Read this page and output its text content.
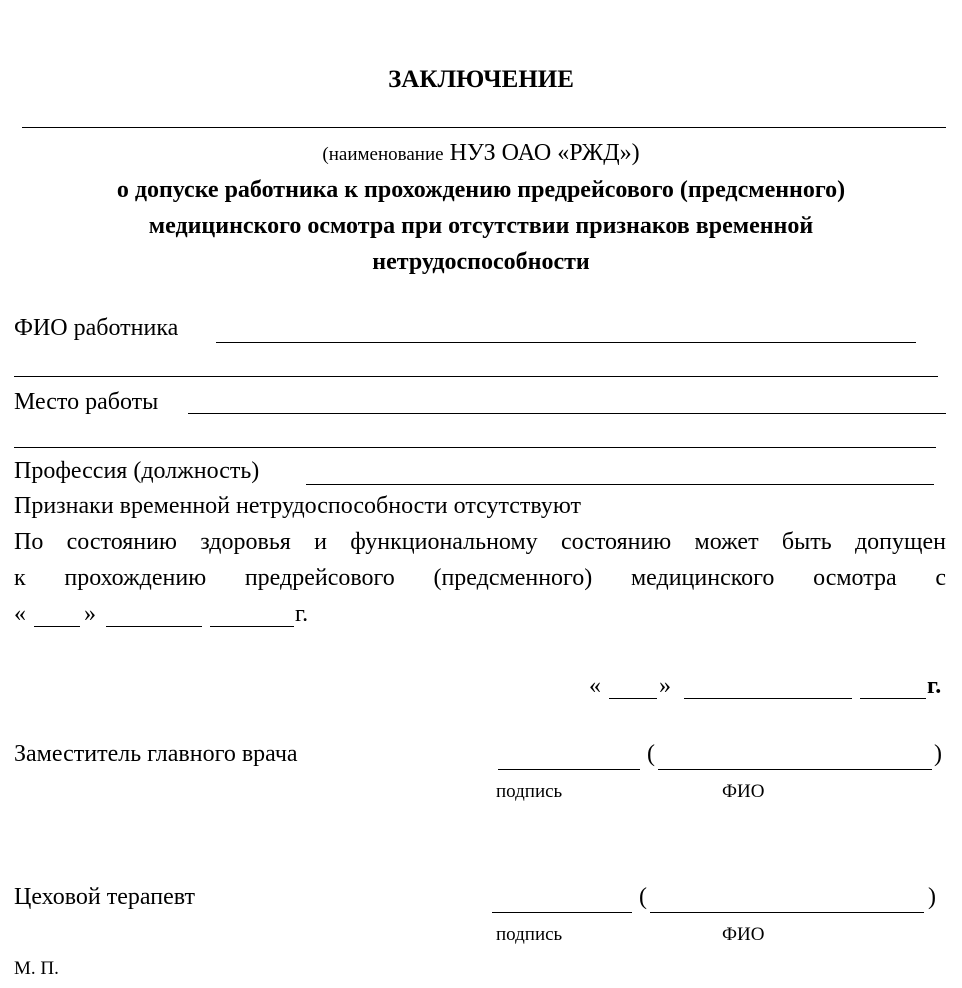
ЗАКЛЮЧЕНИЕ
(наименование НУЗ ОАО «РЖД»)
о допуске работника к прохождению предрейсового (предсменного)
медицинского осмотра при отсутствии признаков временной
нетрудоспособности
ФИО работника
Место работы
Профессия (должность)
Признаки временной нетрудоспособности отсутствуют
По состоянию здоровья и функциональному состоянию может быть допущен
к прохождению предрейсового (предсменного) медицинского осмотра с
« »	г.
« »	г.
Заместитель главного врача	(	)
подпись	ФИО
Цеховой терапевт	(	)
подпись	ФИО
М. П.
